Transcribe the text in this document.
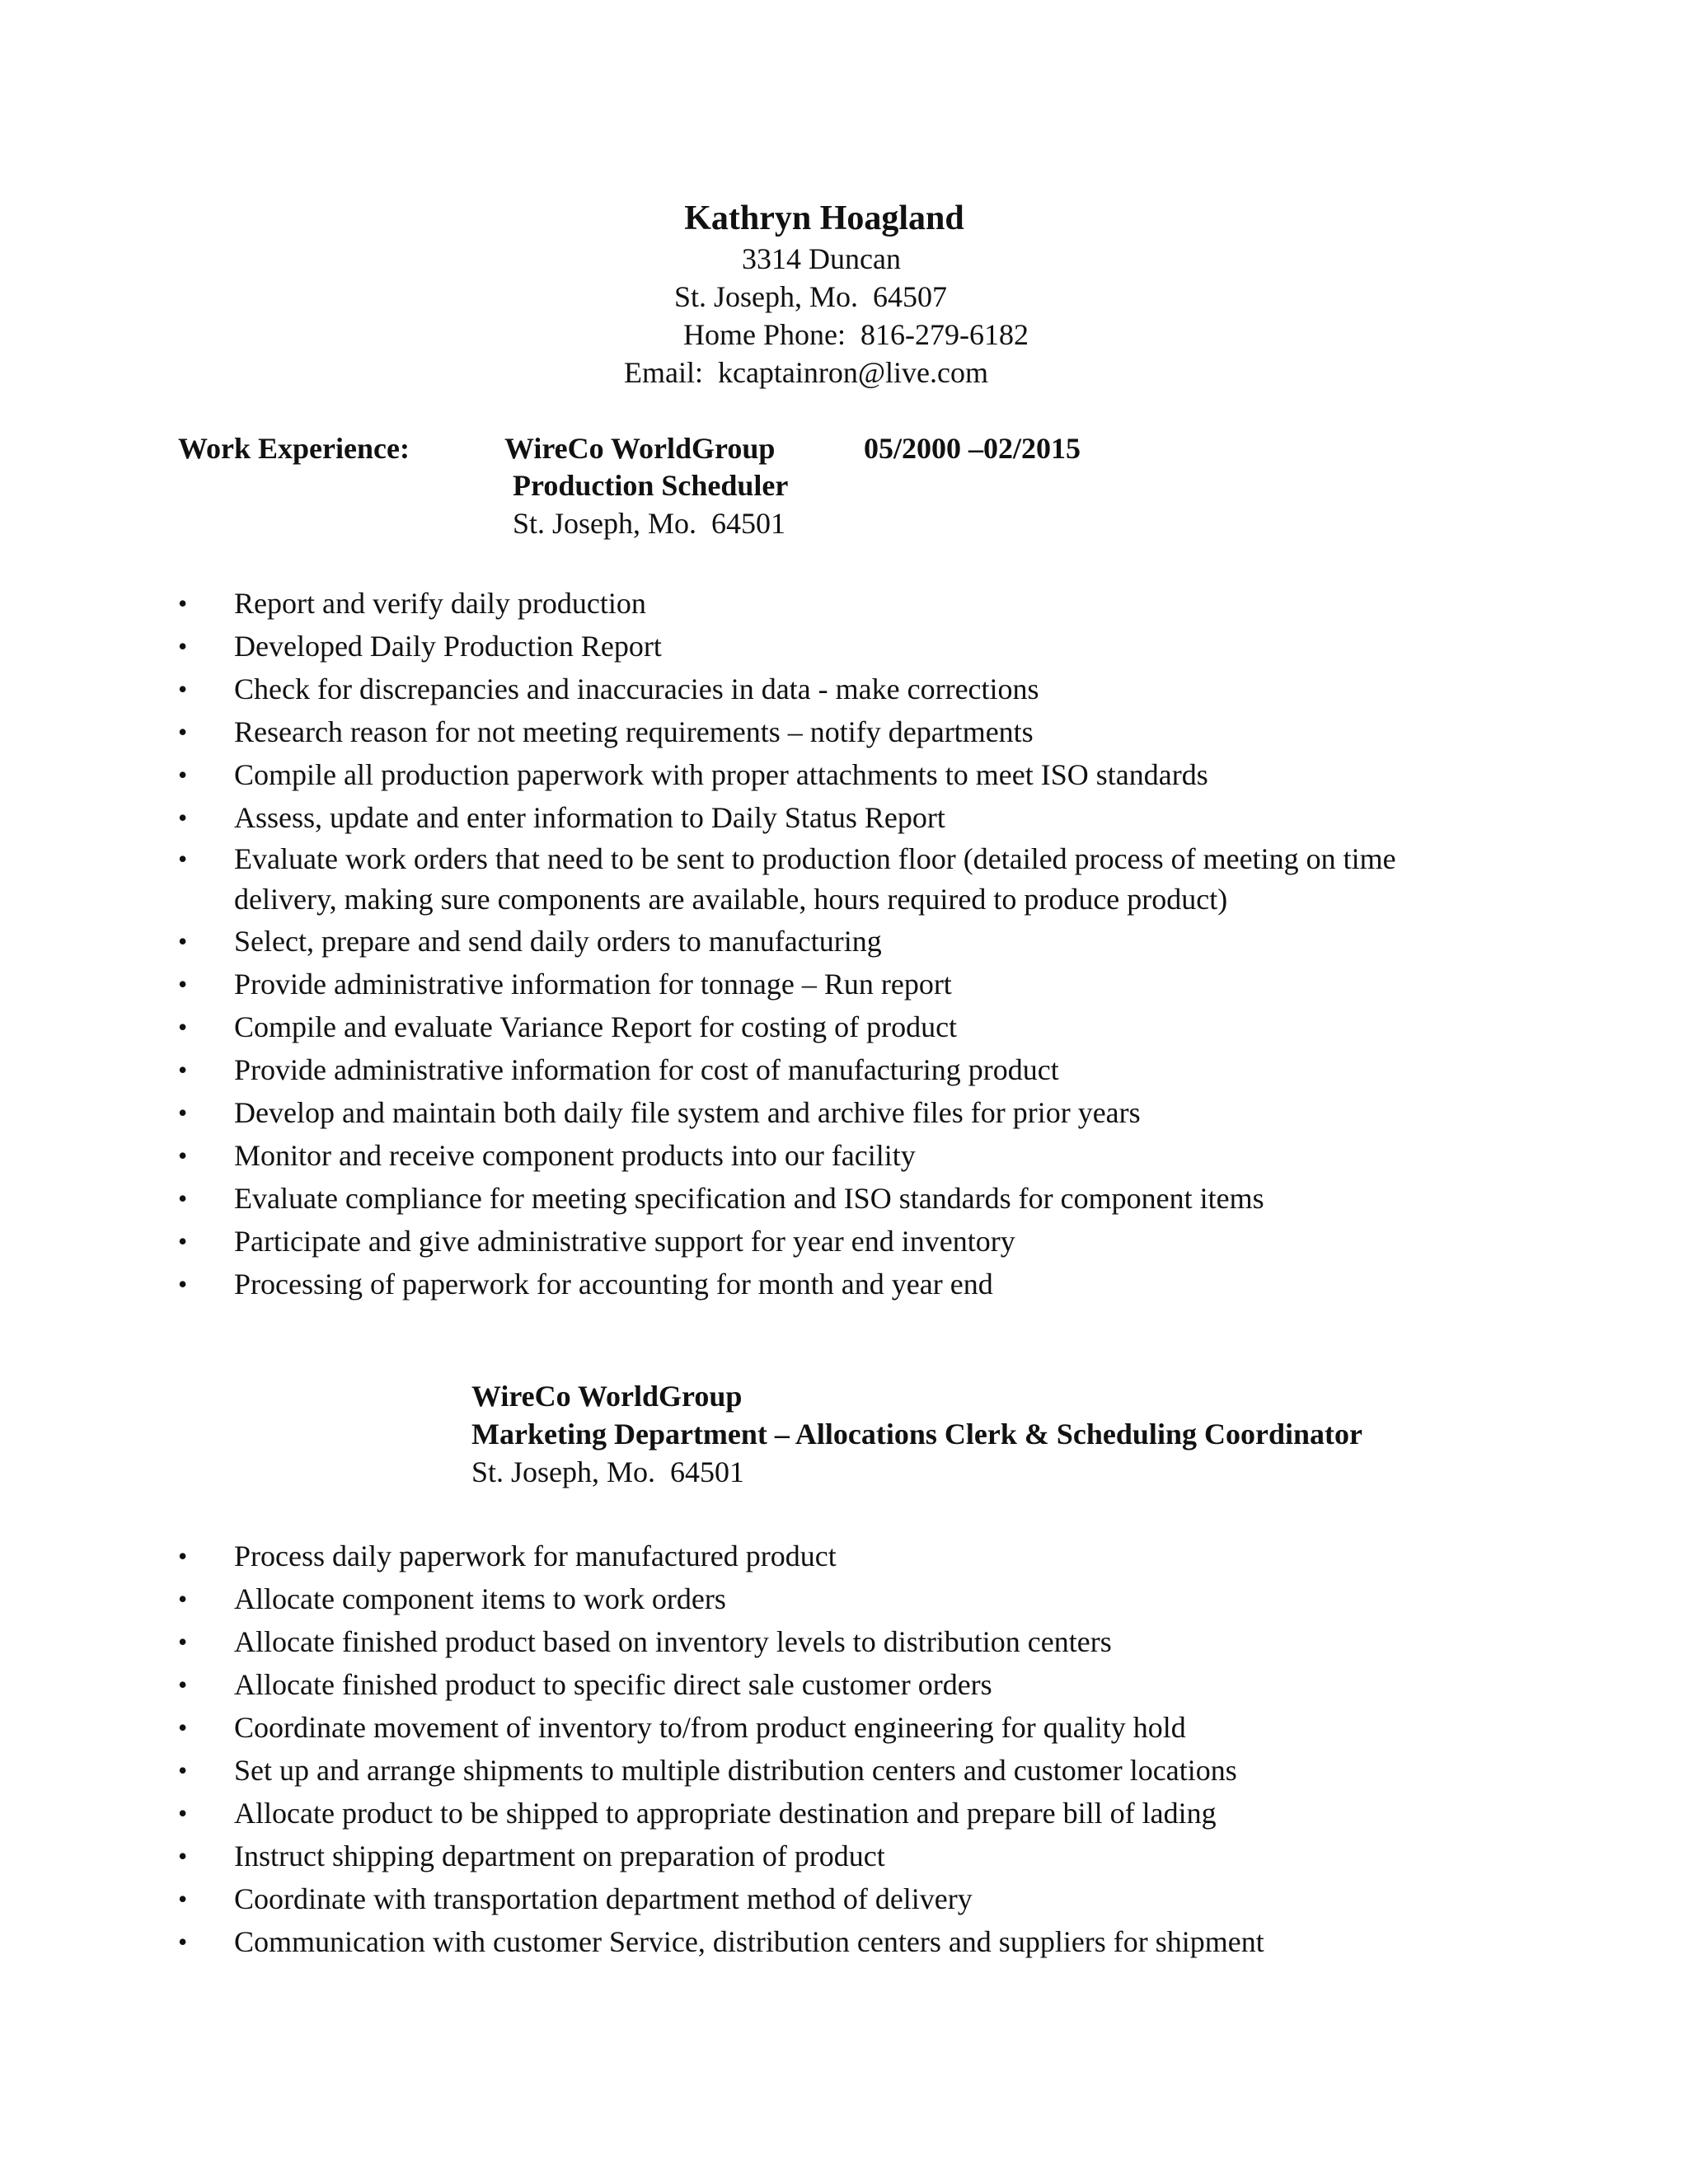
Kathryn Hoagland
3314 Duncan
St. Joseph, Mo.  64507
Home Phone:  816-279-6182
Email:  kcaptainron@live.com
Work Experience:	WireCo WorldGroup	05/2000 –02/2015
Production Scheduler
St. Joseph, Mo.  64501
•	Report and verify daily production
•	Developed Daily Production Report
•	Check for discrepancies and inaccuracies in data - make corrections
•	Research reason for not meeting requirements – notify departments
•	Compile all production paperwork with proper attachments to meet ISO standards
•	Assess, update and enter information to Daily Status Report
•	Evaluate work orders that need to be sent to production floor (detailed process of meeting on time delivery, making sure components are available, hours required to produce product)
•	Select, prepare and send daily orders to manufacturing
•	Provide administrative information for tonnage – Run report
•	Compile and evaluate Variance Report for costing of product
•	Provide administrative information for cost of manufacturing product
•	Develop and maintain both daily file system and archive files for prior years
•	Monitor and receive component products into our facility
•	Evaluate compliance for meeting specification and ISO standards for component items
•	Participate and give administrative support for year end inventory
•	Processing of paperwork for accounting for month and year end
WireCo WorldGroup
Marketing Department – Allocations Clerk & Scheduling Coordinator
St. Joseph, Mo.  64501
•	Process daily paperwork for manufactured product
•	Allocate component items to work orders
•	Allocate finished product based on inventory levels to distribution centers
•	Allocate finished product to specific direct sale customer orders
•	Coordinate movement of inventory to/from product engineering for quality hold
•	Set up and arrange shipments to multiple distribution centers and customer locations
•	Allocate product to be shipped to appropriate destination and prepare bill of lading
•	Instruct shipping department on preparation of product
•	Coordinate with transportation department method of delivery
•	Communication with customer Service, distribution centers and suppliers for shipment
